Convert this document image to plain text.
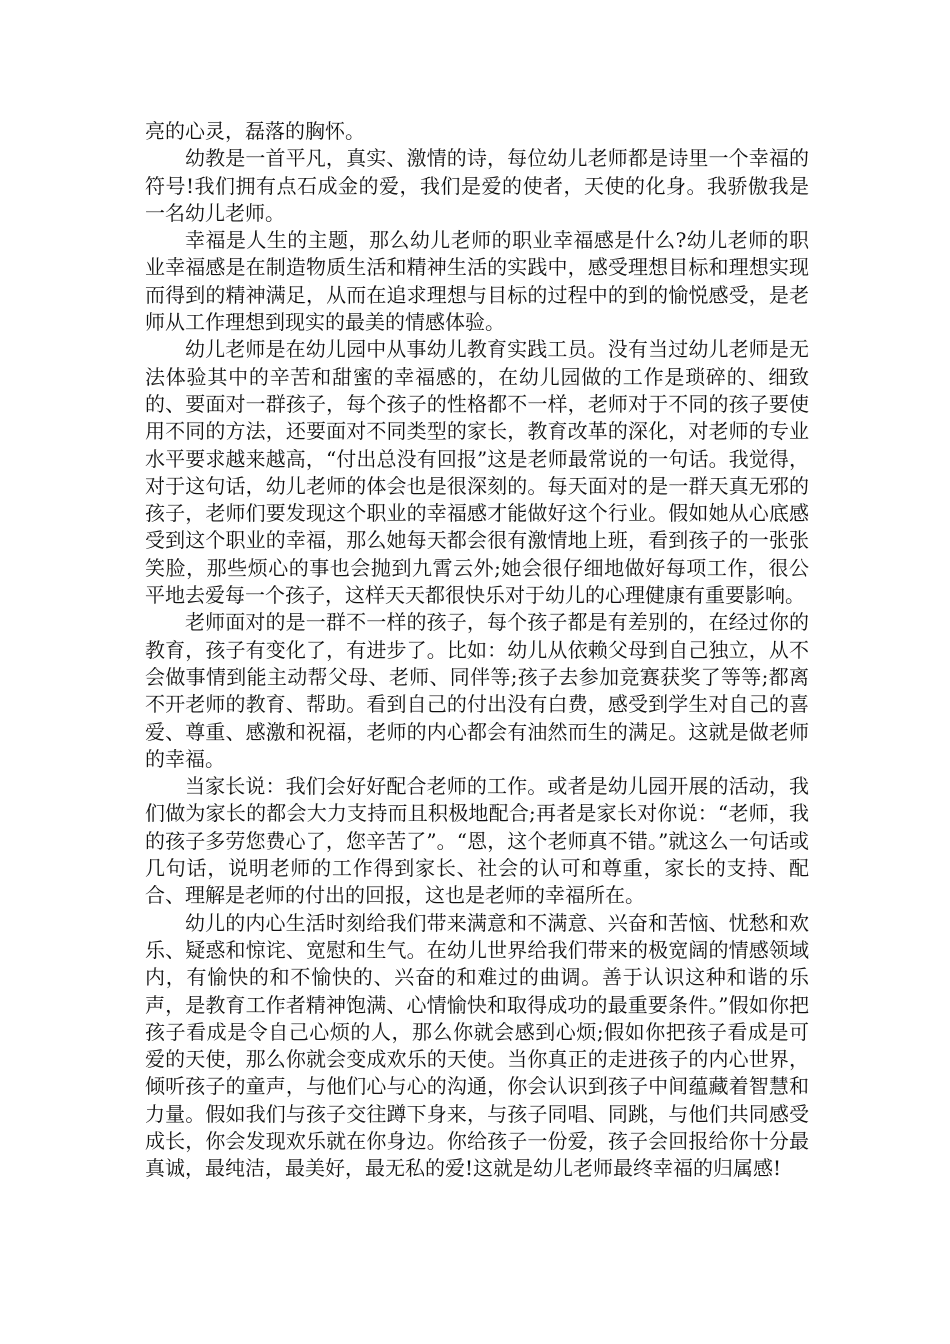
亮的心灵，磊落的胸怀。

幼教是一首平凡，真实、激情的诗，每位幼儿老师都是诗里一个幸福的符号!我们拥有点石成金的爱，我们是爱的使者，天使的化身。我骄傲我是一名幼儿老师。

幸福是人生的主题，那么幼儿老师的职业幸福感是什么?幼儿老师的职业幸福感是在制造物质生活和精神生活的实践中，感受理想目标和理想实现而得到的精神满足，从而在追求理想与目标的过程中的到的愉悦感受，是老师从工作理想到现实的最美的情感体验。

幼儿老师是在幼儿园中从事幼儿教育实践工员。没有当过幼儿老师是无法体验其中的辛苦和甜蜜的幸福感的，在幼儿园做的工作是琐碎的、细致的、要面对一群孩子，每个孩子的性格都不一样，老师对于不同的孩子要使用不同的方法，还要面对不同类型的家长，教育改革的深化，对老师的专业水平要求越来越高，“付出总没有回报”这是老师最常说的一句话。我觉得，对于这句话，幼儿老师的体会也是很深刻的。每天面对的是一群天真无邪的孩子，老师们要发现这个职业的幸福感才能做好这个行业。假如她从心底感受到这个职业的幸福，那么她每天都会很有激情地上班，看到孩子的一张张笑脸，那些烦心的事也会抛到九霄云外;她会很仔细地做好每项工作，很公平地去爱每一个孩子，这样天天都很快乐对于幼儿的心理健康有重要影响。

老师面对的是一群不一样的孩子，每个孩子都是有差别的，在经过你的教育，孩子有变化了，有进步了。比如：幼儿从依赖父母到自己独立，从不会做事情到能主动帮父母、老师、同伴等;孩子去参加竞赛获奖了等等;都离不开老师的教育、帮助。看到自己的付出没有白费，感受到学生对自己的喜爱、尊重、感激和祝福，老师的内心都会有油然而生的满足。这就是做老师的幸福。

当家长说：我们会好好配合老师的工作。或者是幼儿园开展的活动，我们做为家长的都会大力支持而且积极地配合;再者是家长对你说：“老师，我的孩子多劳您费心了，您辛苦了”。“恩，这个老师真不错。”就这么一句话或几句话，说明老师的工作得到家长、社会的认可和尊重，家长的支持、配合、理解是老师的付出的回报，这也是老师的幸福所在。

幼儿的内心生活时刻给我们带来满意和不满意、兴奋和苦恼、忧愁和欢乐、疑惑和惊诧、宽慰和生气。在幼儿世界给我们带来的极宽阔的情感领域内，有愉快的和不愉快的、兴奋的和难过的曲调。善于认识这种和谐的乐声，是教育工作者精神饱满、心情愉快和取得成功的最重要条件。”假如你把孩子看成是令自己心烦的人，那么你就会感到心烦;假如你把孩子看成是可爱的天使，那么你就会变成欢乐的天使。当你真正的走进孩子的内心世界，倾听孩子的童声，与他们心与心的沟通，你会认识到孩子中间蕴藏着智慧和力量。假如我们与孩子交往蹲下身来，与孩子同唱、同跳，与他们共同感受成长，你会发现欢乐就在你身边。你给孩子一份爱，孩子会回报给你十分最真诚，最纯洁，最美好，最无私的爱!这就是幼儿老师最终幸福的归属感!
